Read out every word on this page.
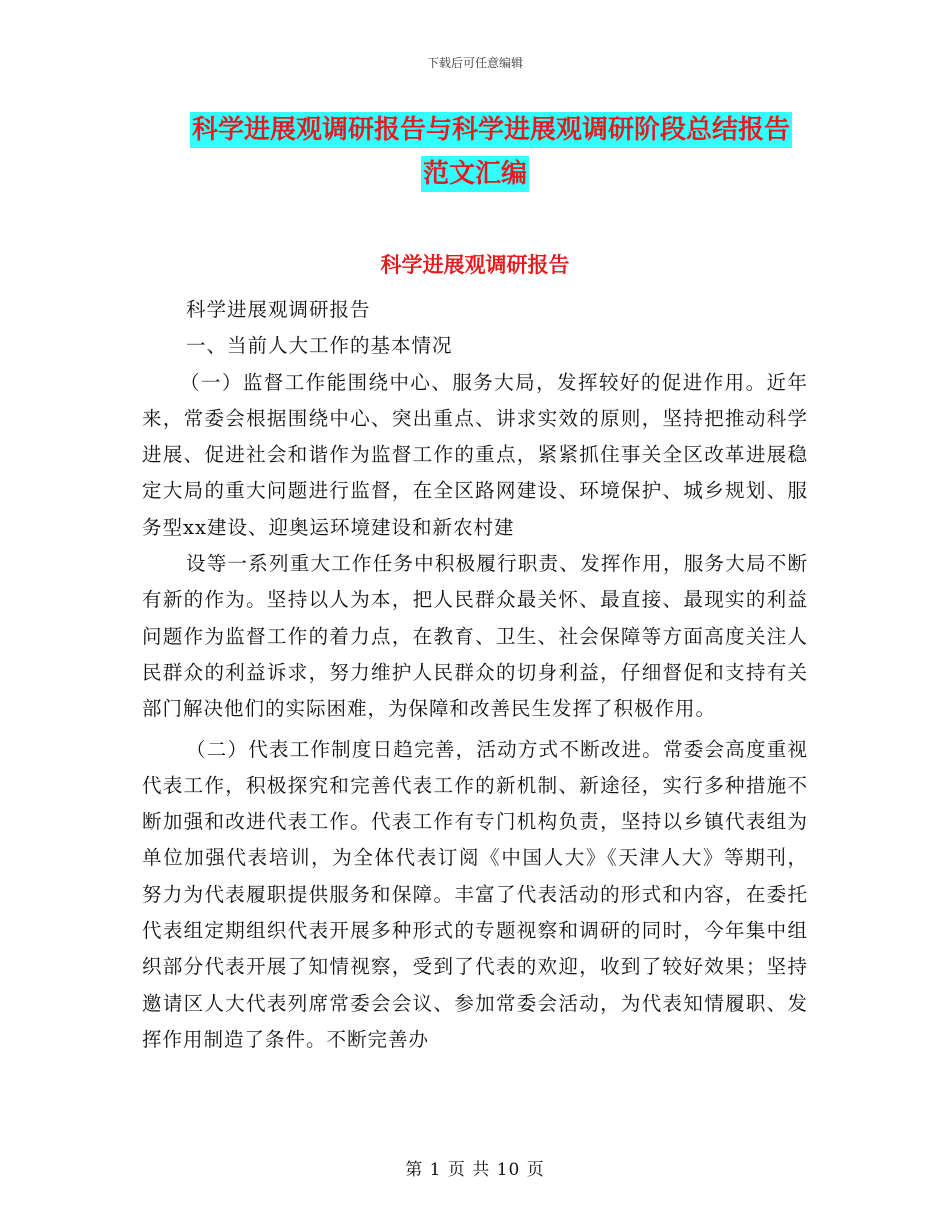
下载后可任意编辑
科学进展观调研报告与科学进展观调研阶段总结报告
范文汇编
科学进展观调研报告

科学进展观调研报告

一、当前人大工作的基本情况

（一）监督工作能围绕中心、服务大局，发挥较好的促进作用。近年来，常委会根据围绕中心、突出重点、讲求实效的原则，坚持把推动科学进展、促进社会和谐作为监督工作的重点，紧紧抓住事关全区改革进展稳定大局的重大问题进行监督，在全区路网建设、环境保护、城乡规划、服务型xx建设、迎奥运环境建设和新农村建

设等一系列重大工作任务中积极履行职责、发挥作用，服务大局不断有新的作为。坚持以人为本，把人民群众最关怀、最直接、最现实的利益问题作为监督工作的着力点，在教育、卫生、社会保障等方面高度关注人民群众的利益诉求，努力维护人民群众的切身利益，仔细督促和支持有关部门解决他们的实际困难，为保障和改善民生发挥了积极作用。

（二）代表工作制度日趋完善，活动方式不断改进。常委会高度重视代表工作，积极探究和完善代表工作的新机制、新途径，实行多种措施不断加强和改进代表工作。代表工作有专门机构负责，坚持以乡镇代表组为单位加强代表培训，为全体代表订阅《中国人大》《天津人大》等期刊，努力为代表履职提供服务和保障。丰富了代表活动的形式和内容，在委托代表组定期组织代表开展多种形式的专题视察和调研的同时，今年集中组织部分代表开展了知情视察，受到了代表的欢迎，收到了较好效果；坚持邀请区人大代表列席常委会会议、参加常委会活动，为代表知情履职、发挥作用制造了条件。不断完善办

第 1 页 共 10 页
